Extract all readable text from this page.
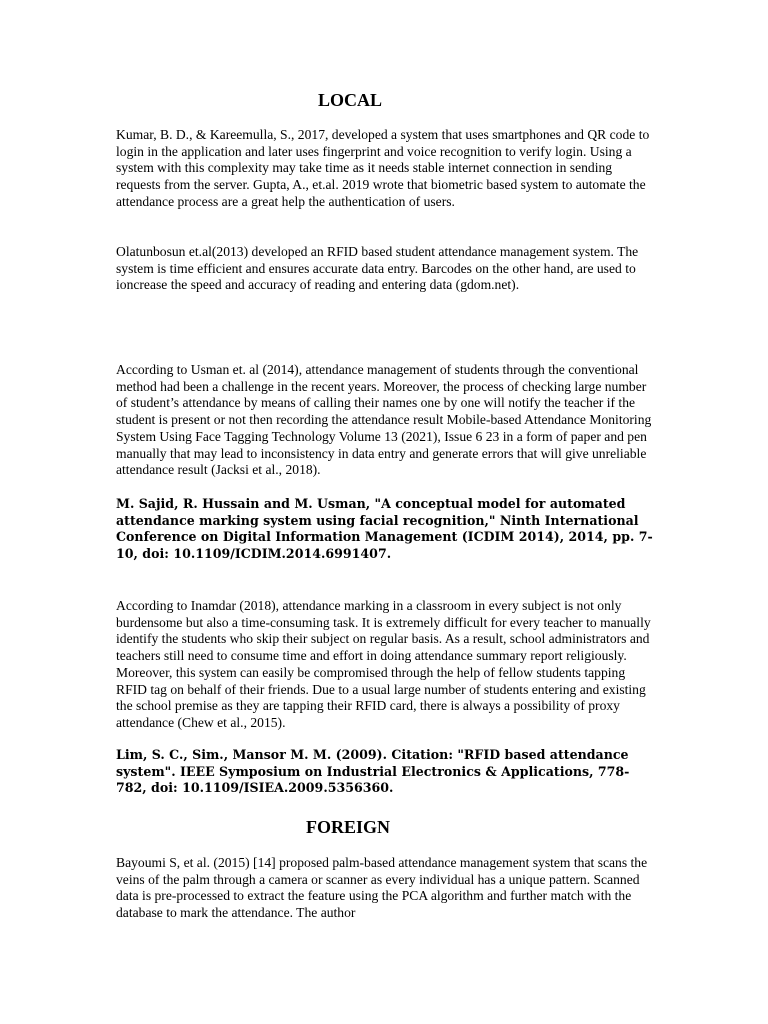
LOCAL

Kumar, B. D., & Kareemulla, S., 2017, developed a system that uses smartphones and QR code to login in the application and later uses fingerprint and voice recognition to verify login. Using a system with this complexity may take time as it needs stable internet connection in sending requests from the server. Gupta, A., et.al. 2019 wrote that biometric based system to automate the attendance process are a great help the authentication of users.

Olatunbosun et.al(2013) developed an RFID based student attendance management system. The system is time efficient and ensures accurate data entry. Barcodes on the other hand, are used to ioncrease the speed and accuracy of reading and entering data (gdom.net).

According to Usman et. al (2014), attendance management of students through the conventional method had been a challenge in the recent years. Moreover, the process of checking large number of student’s attendance by means of calling their names one by one will notify the teacher if the student is present or not then recording the attendance result Mobile-based Attendance Monitoring System Using Face Tagging Technology Volume 13 (2021), Issue 6 23 in a form of paper and pen manually that may lead to inconsistency in data entry and generate errors that will give unreliable attendance result (Jacksi et al., 2018).

M. Sajid, R. Hussain and M. Usman, "A conceptual model for automated attendance marking system using facial recognition," Ninth International Conference on Digital Information Management (ICDIM 2014), 2014, pp. 7-10, doi: 10.1109/ICDIM.2014.6991407.

According to Inamdar (2018), attendance marking in a classroom in every subject is not only burdensome but also a time-consuming task. It is extremely difficult for every teacher to manually identify the students who skip their subject on regular basis. As a result, school administrators and teachers still need to consume time and effort in doing attendance summary report religiously. Moreover, this system can easily be compromised through the help of fellow students tapping RFID tag on behalf of their friends. Due to a usual large number of students entering and existing the school premise as they are tapping their RFID card, there is always a possibility of proxy attendance (Chew et al., 2015).

Lim, S. C., Sim., Mansor M. M. (2009). Citation: "RFID based attendance system". IEEE Symposium on Industrial Electronics & Applications, 778-782, doi: 10.1109/ISIEA.2009.5356360.

FOREIGN

Bayoumi S, et al. (2015) [14] proposed palm-based attendance management system that scans the veins of the palm through a camera or scanner as every individual has a unique pattern. Scanned data is pre-processed to extract the feature using the PCA algorithm and further match with the database to mark the attendance. The author
